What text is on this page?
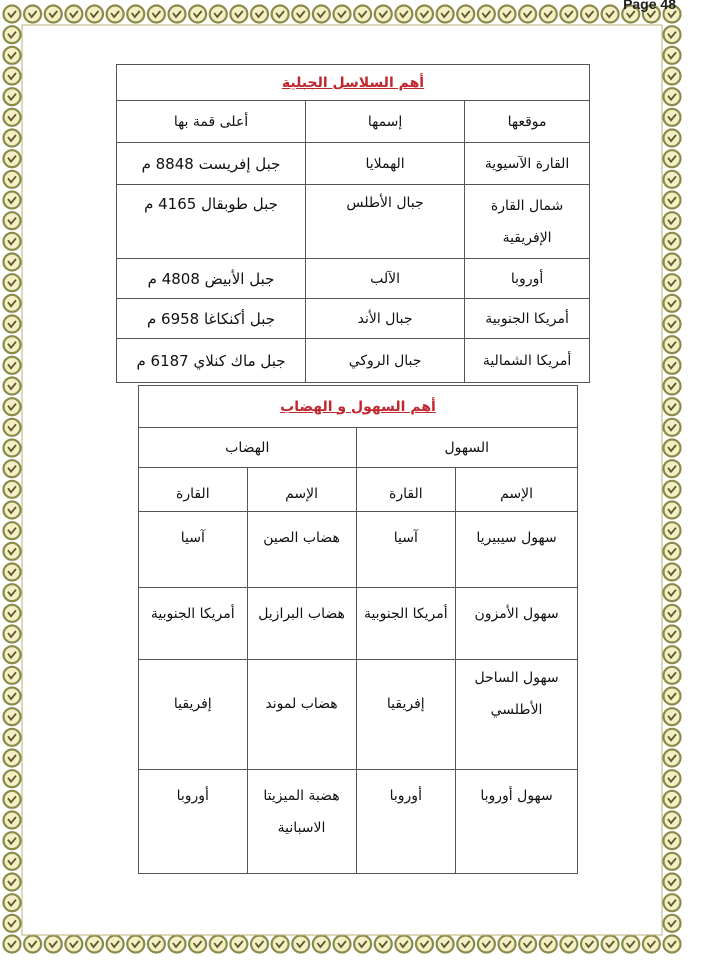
Page 48
أهم السلاسل الجبلية		
موقعها	إسمها	أعلى قمة بها
القارة الآسيوية	الهملايا	جبل إفريست 8848 م
شمال القارة الإفريقية	جبال الأطلس	جبل طوبقال 4165 م
أوروبا	الآلب	جبل الأبيض 4808 م
أمريكا الجنوبية	جبال الأند	جبل أكنكاغا 6958 م
أمريكا الشمالية	جبال الروكي	جبل ماك كنلاي 6187 م
أهم السهول و الهضاب			
السهول		الهضاب	
الإسم	القارة	الإسم	القارة
سهول سيبيريا	آسيا	هضاب الصين	آسيا
سهول الأمزون	أمريكا الجنوبية	هضاب البرازيل	أمريكا الجنوبية
سهول الساحل الأطلسي	إفريقيا	هضاب لموند	إفريقيا
سهول أوروبا	أوروبا	هضبة الميزيتا الاسبانية	أوروبا
